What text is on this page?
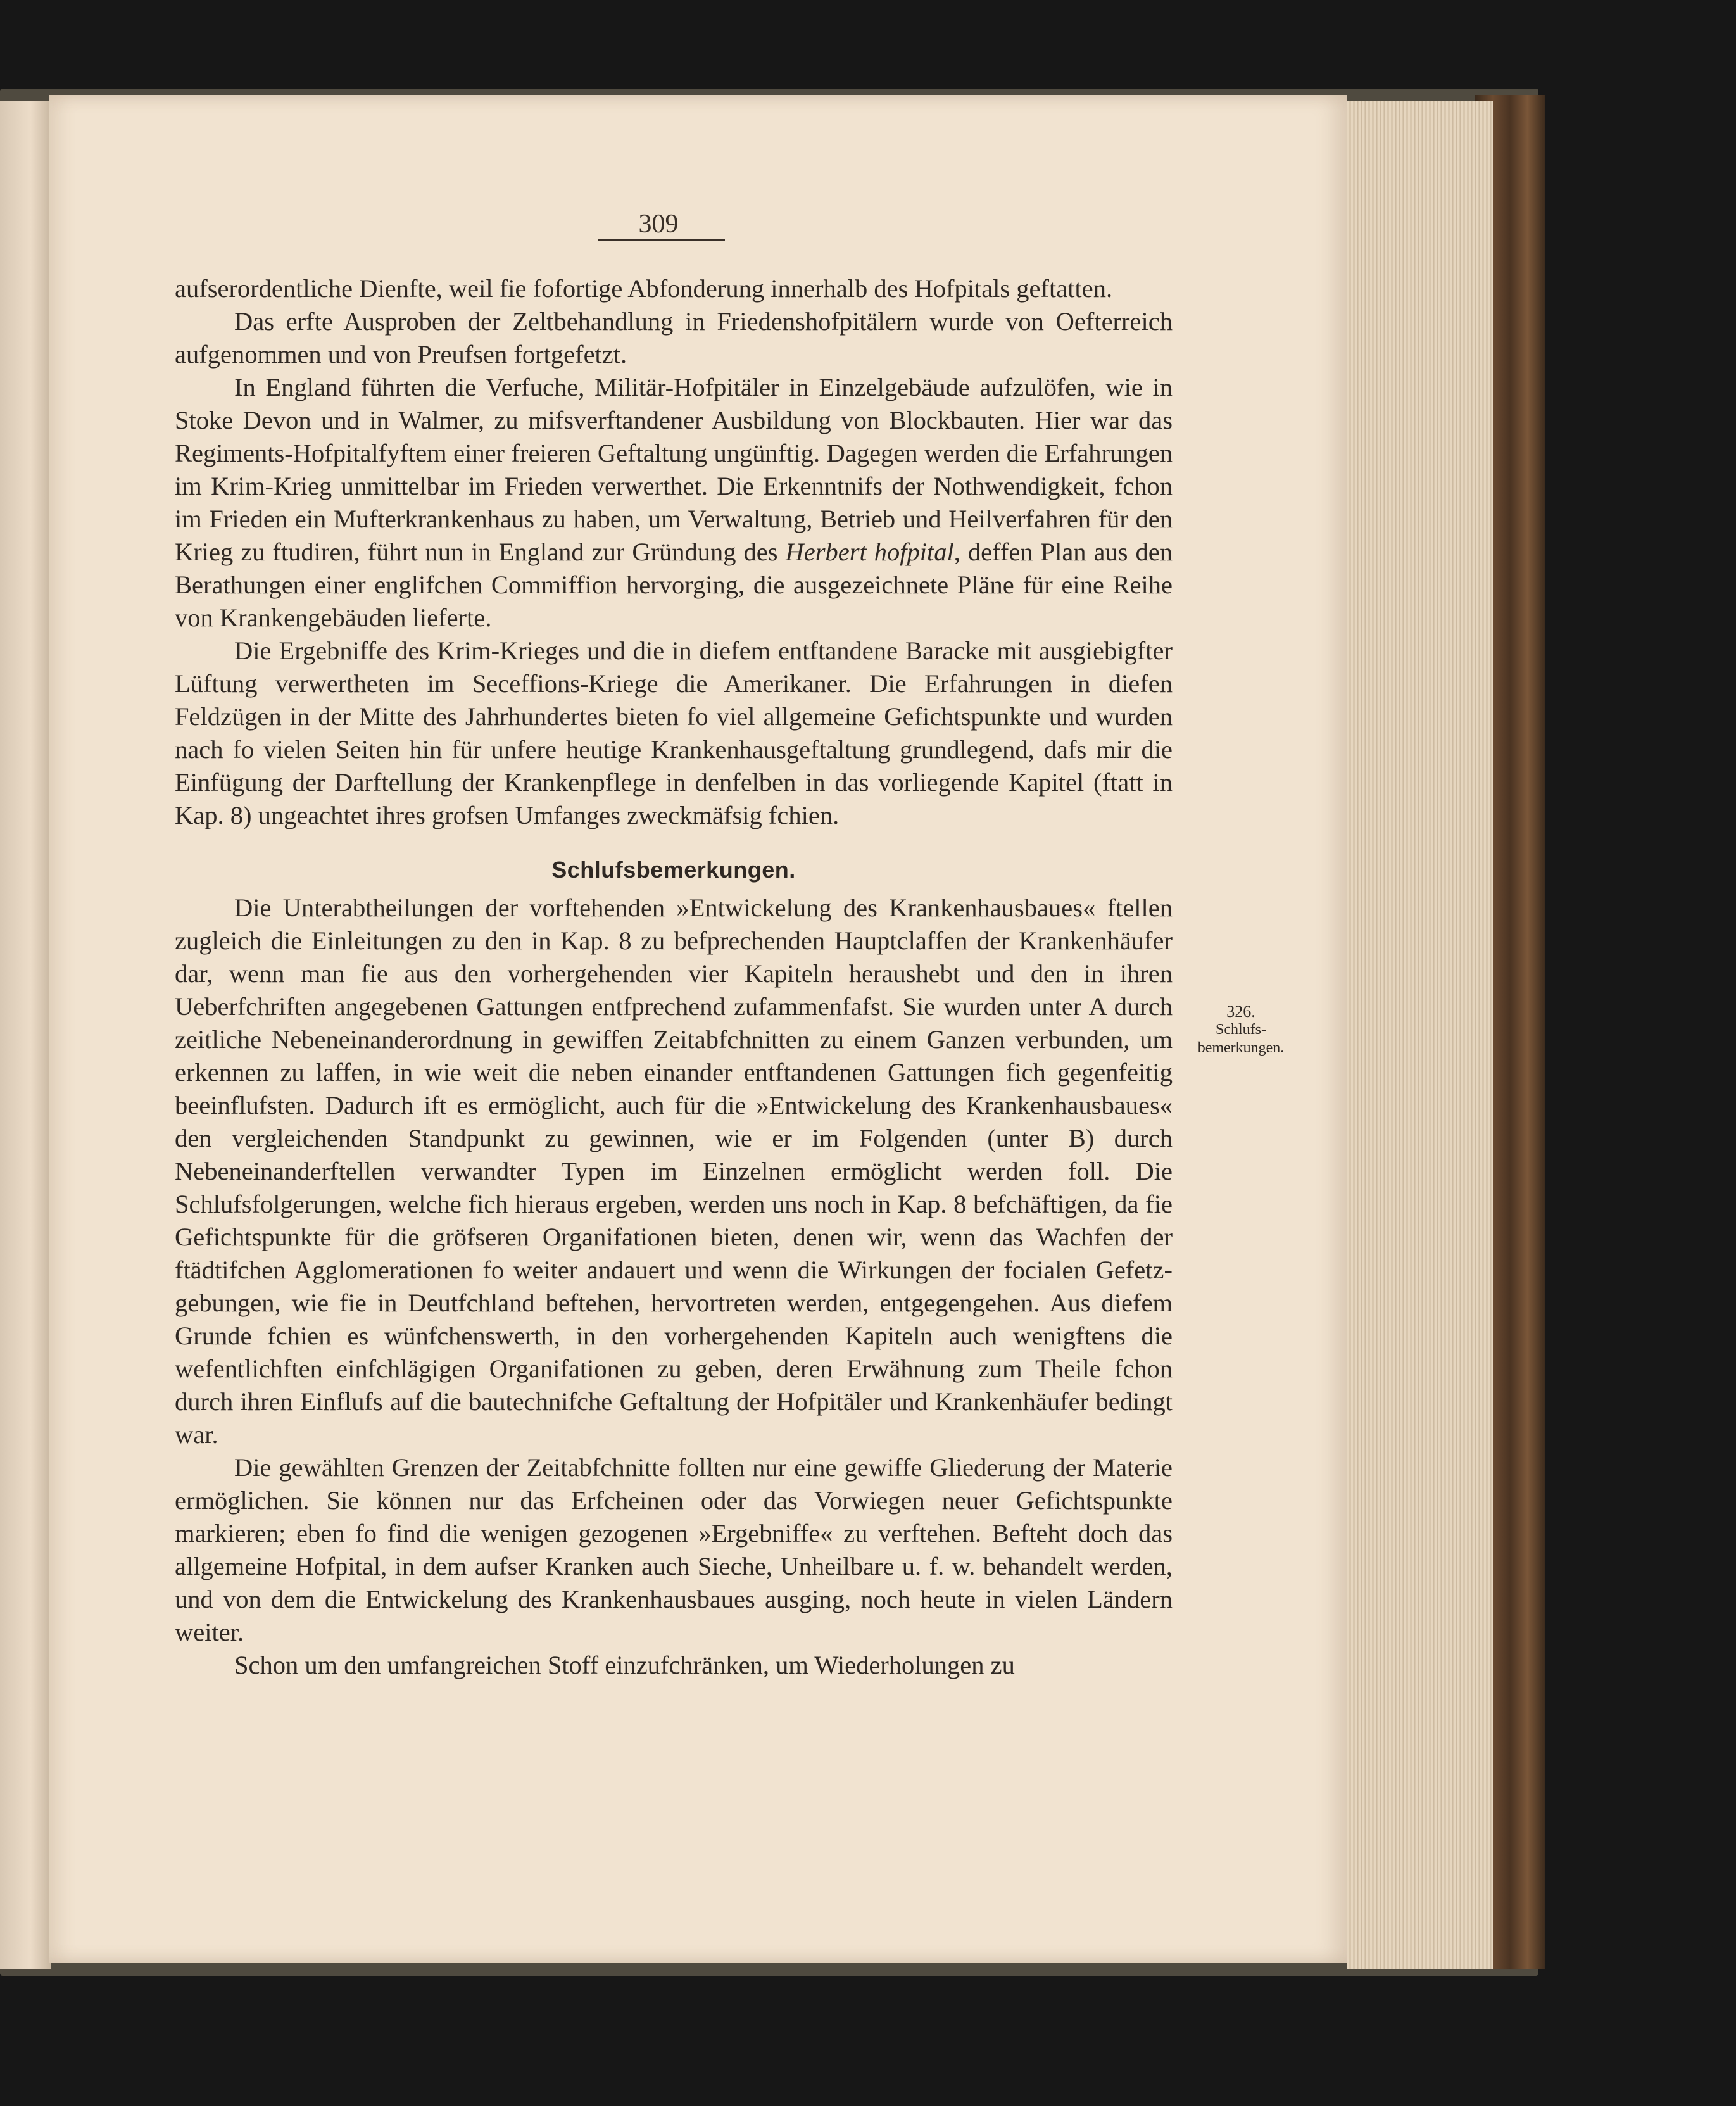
309
326.
Schlufs-
bemerkungen.

aufserordentliche Dienfte, weil fie fofortige Abfonderung innerhalb des Hofpitals geftatten.

Das erfte Ausproben der Zeltbehandlung in Friedenshofpitälern wurde von Oefterreich aufgenommen und von Preufsen fortgefetzt.

In England führten die Verfuche, Militär-Hofpitäler in Einzelgebäude aufzulöfen, wie in Stoke Devon und in Walmer, zu mifsverftandener Ausbildung von Blockbauten. Hier war das Regiments-Hofpitalfyftem einer freieren Geftaltung ungünftig. Dagegen werden die Erfahrungen im Krim-Krieg unmittelbar im Frieden verwerthet. Die Erkenntnifs der Nothwendigkeit, fchon im Frieden ein Mufterkrankenhaus zu haben, um Verwaltung, Betrieb und Heilverfahren für den Krieg zu ftudiren, führt nun in England zur Gründung des Herbert hofpital, deffen Plan aus den Berathungen einer englifchen Commiffion hervorging, die ausgezeichnete Pläne für eine Reihe von Krankengebäuden lieferte.

Die Ergebniffe des Krim-Krieges und die in diefem entftandene Baracke mit ausgiebigfter Lüftung verwertheten im Seceffions-Kriege die Amerikaner. Die Erfahrungen in diefen Feldzügen in der Mitte des Jahrhundertes bieten fo viel allgemeine Gefichtspunkte und wurden nach fo vielen Seiten hin für unfere heutige Krankenhausgeftaltung grundlegend, dafs mir die Einfügung der Darftellung der Krankenpflege in denfelben in das vorliegende Kapitel (ftatt in Kap. 8) ungeachtet ihres grofsen Umfanges zweckmäfsig fchien.

Schlufsbemerkungen.

Die Unterabtheilungen der vorftehenden »Entwickelung des Krankenhausbaues« ftellen zugleich die Einleitungen zu den in Kap. 8 zu befprechenden Hauptclaffen der Krankenhäufer dar, wenn man fie aus den vorhergehenden vier Kapiteln heraushebt und den in ihren Ueberfchriften angegebenen Gattungen entfprechend zufammenfafst. Sie wurden unter A durch zeitliche Nebeneinanderordnung in gewiffen Zeitabfchnitten zu einem Ganzen verbunden, um erkennen zu laffen, in wie weit die neben einander entftandenen Gattungen fich gegenfeitig beeinflufsten. Dadurch ift es ermöglicht, auch für die »Entwickelung des Krankenhausbaues« den vergleichenden Standpunkt zu gewinnen, wie er im Folgenden (unter B) durch Nebeneinanderftellen verwandter Typen im Einzelnen ermöglicht werden foll. Die Schlufsfolgerungen, welche fich hieraus ergeben, werden uns noch in Kap. 8 befchäftigen, da fie Gefichtspunkte für die gröfseren Organifationen bieten, denen wir, wenn das Wachfen der ftädtifchen Agglomerationen fo weiter andauert und wenn die Wirkungen der focialen Gefetzgebungen, wie fie in Deutfchland beftehen, hervortreten werden, entgegengehen. Aus diefem Grunde fchien es wünfchenswerth, in den vorhergehenden Kapiteln auch wenigftens die wefentlichften einfchlägigen Organifationen zu geben, deren Erwähnung zum Theile fchon durch ihren Einflufs auf die bautechnifche Geftaltung der Hofpitäler und Krankenhäufer bedingt war.

Die gewählten Grenzen der Zeitabfchnitte follten nur eine gewiffe Gliederung der Materie ermöglichen. Sie können nur das Erfcheinen oder das Vorwiegen neuer Gefichtspunkte markieren; eben fo find die wenigen gezogenen »Ergebniffe« zu verftehen. Befteht doch das allgemeine Hofpital, in dem aufser Kranken auch Sieche, Unheilbare u. f. w. behandelt werden, und von dem die Entwickelung des Krankenhausbaues ausging, noch heute in vielen Ländern weiter.

Schon um den umfangreichen Stoff einzufchränken, um Wiederholungen zu
